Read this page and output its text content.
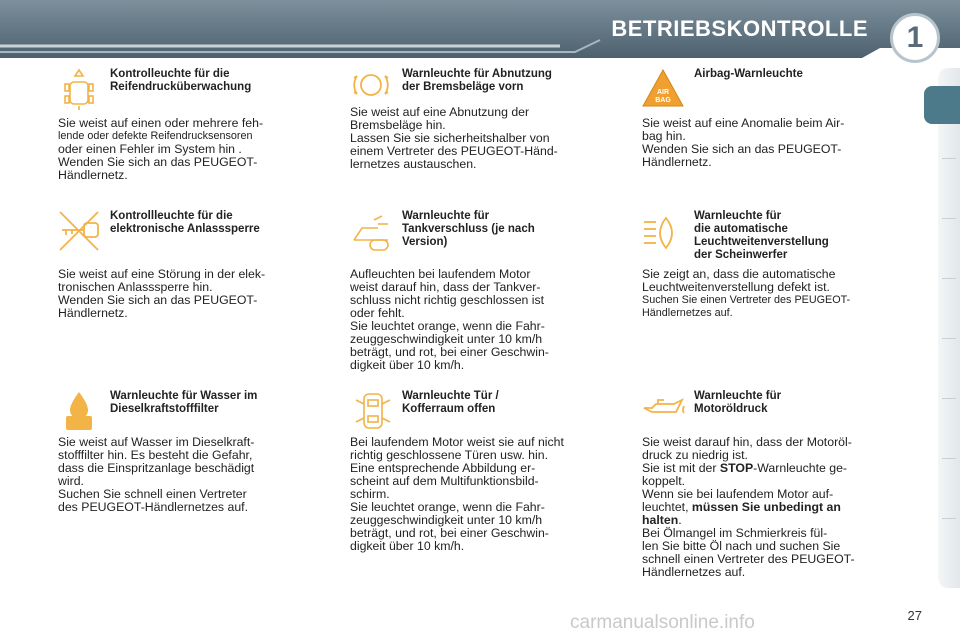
BETRIEBSKONTROLLE	1
Kontrolleuchte für die
Reifendrucküberwachung

Sie weist auf einen oder mehrere feh-

lende oder defekte Reifendrucksensoren

oder einen Fehler im System hin .

Wenden Sie sich an das PEUGEOT-

Händlernetz.

Warnleuchte für Abnutzung
der Bremsbeläge vorn

Sie weist auf eine Abnutzung der

Bremsbeläge hin.

Lassen Sie sie sicherheitshalber von

einem Vertreter des PEUGEOT-Händ-

lernetzes austauschen.

AIR
BAG
Airbag-Warnleuchte

Sie weist auf eine Anomalie beim Air-

bag hin.

Wenden Sie sich an das PEUGEOT-

Händlernetz.

Kontrollleuchte für die
elektronische Anlasssperre

Sie weist auf eine Störung in der elek-

tronischen Anlasssperre hin.

Wenden Sie sich an das PEUGEOT-

Händlernetz.

Warnleuchte für
Tankverschluss (je nach
Version)

Aufleuchten bei laufendem Motor

weist darauf hin, dass der Tankver-

schluss nicht richtig geschlossen ist

oder fehlt.

Sie leuchtet orange, wenn die Fahr-

zeuggeschwindigkeit unter 10 km/h

beträgt, und rot, bei einer Geschwin-

digkeit über 10 km/h.

Warnleuchte für
die automatische
Leuchtweitenverstellung
der Scheinwerfer

Sie zeigt an, dass die automatische

Leuchtweitenverstellung defekt ist.

Suchen Sie einen Vertreter des PEUGEOT-

Händlernetzes auf.

Warnleuchte für Wasser im
Dieselkraftstofffilter

Sie weist auf Wasser im Dieselkraft-

stofffilter hin. Es besteht die Gefahr,

dass die Einspritzanlage beschädigt

wird.

Suchen Sie schnell einen Vertreter

des PEUGEOT-Händlernetzes auf.

Warnleuchte Tür /
Kofferraum offen

Bei laufendem Motor weist sie auf nicht

richtig geschlossene Türen usw. hin.

Eine entsprechende Abbildung er-

scheint auf dem Multifunktionsbild-

schirm.

Sie leuchtet orange, wenn die Fahr-

zeuggeschwindigkeit unter 10 km/h

beträgt, und rot, bei einer Geschwin-

digkeit über 10 km/h.

Warnleuchte für
Motoröldruck

Sie weist darauf hin, dass der Motoröl-

druck zu niedrig ist.

Sie ist mit der STOP-Warnleuchte ge-

koppelt.

Wenn sie bei laufendem Motor auf-

leuchtet, müssen Sie unbedingt an

halten.

Bei Ölmangel im Schmierkreis fül-

len Sie bitte Öl nach und suchen Sie

schnell einen Vertreter des PEUGEOT-

Händlernetzes auf.

27
carmanualsonline.info
